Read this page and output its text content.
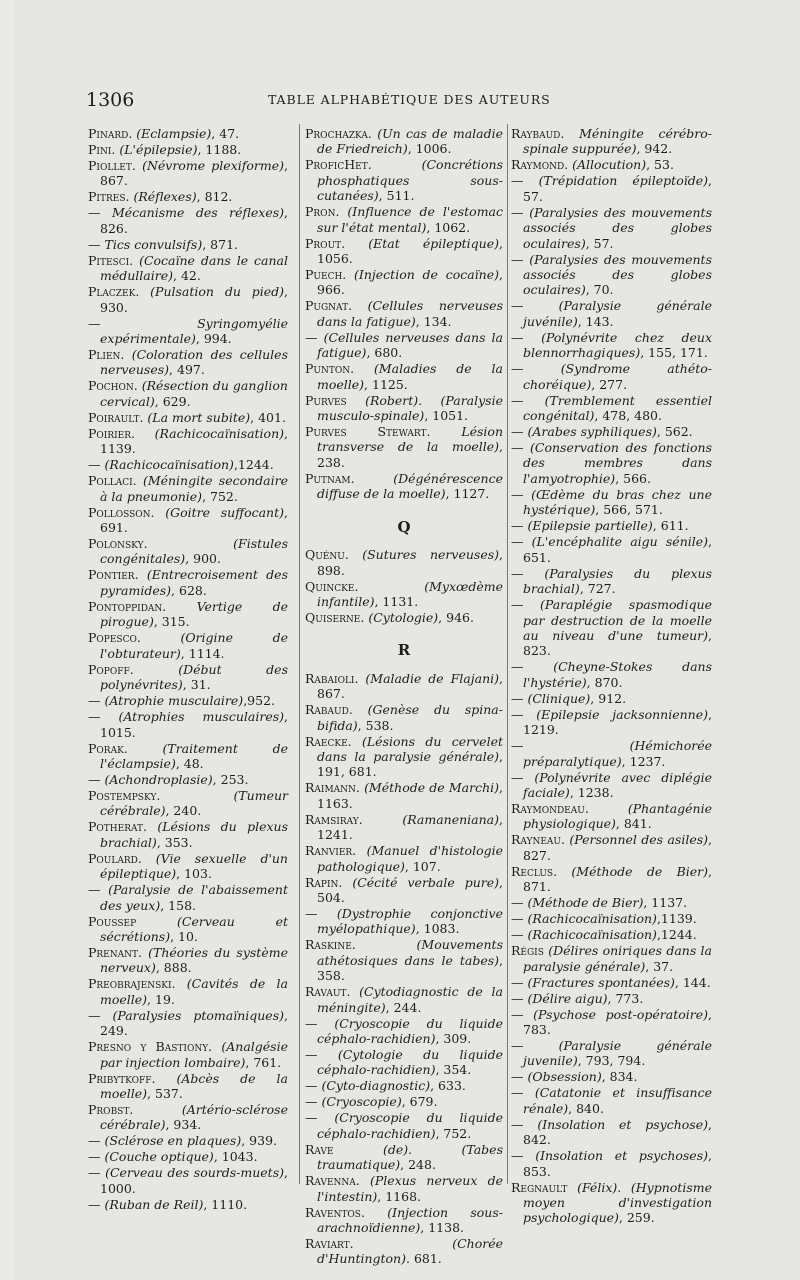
1306	TABLE ALPHABÉTIQUE DES AUTEURS
Pinard. (Eclampsie), 47.
Pini. (L'épilepsie), 1188.
Piollet. (Névrome plexiforme), 867.
Pitres. (Réflexes), 812.
— Mécanisme des réflexes), 826.
— Tics convulsifs), 871.
Pitesci. (Cocaïne dans le canal médullaire), 42.
Placzek. (Pulsation du pied), 930.
—	Syringomyélie expérimentale), 994.
Plien. (Coloration des cellules nerveuses), 497.
Pochon. (Résection du ganglion cervical), 629.
Poirault. (La mort subite), 401.
Poirier. (Rachicocaïnisation), 1139.
— (Rachicocaïnisation),1244.
Pollaci. (Méningite secondaire à la pneumonie), 752.
Pollosson. (Goitre suffocant), 691.
Polonsky.	(Fistules congénitales), 900.
Pontier. (Entrecroisement des pyramides), 628.
Pontoppidan. Vertige de pirogue), 315.
Popesco.	(Origine de l'obturateur), 1114.
Popoff.	(Début des polynévrites), 31.
— (Atrophie musculaire),952.
— (Atrophies musculaires), 1015.
Porak.	(Traitement de l'éclampsie), 48.
— (Achondroplasie), 253.
Postempsky.	(Tumeur cérébrale), 240.
Potherat. (Lésions du plexus brachial), 353.
Poulard. (Vie sexuelle d'un épileptique), 103.
— (Paralysie de l'abaissement des yeux), 158.
Poussep	(Cerveau et sécrétions), 10.
Prenant. (Théories du système nerveux), 888.
Preobrajenski. (Cavités de la moelle), 19.
— (Paralysies ptomaïniques), 249.
Presno y Bastiony. (Analgésie par injection lombaire), 761.
Pribytkoff. (Abcès de la moelle), 537.
Probst.	(Artério-sclérose cérébrale), 934.
— (Sclérose en plaques), 939.
— (Couche optique), 1043.
— (Cerveau des sourds-muets), 1000.
— (Ruban de Reil), 1110.
Prochazka. (Un cas de maladie de Friedreich), 1006.
ProficHet.	(Concrétions phosphatiques sous-cutanées), 511.
Pron. (Influence de l'estomac sur l'état mental), 1062.
Prout. (Etat épileptique), 1056.
Puech. (Injection de cocaïne), 966.
Pugnat. (Cellules nerveuses dans la fatigue), 134.
— (Cellules nerveuses dans la fatigue), 680.
Punton. (Maladies de la moelle), 1125.
Purves (Robert). (Paralysie musculo-spinale), 1051.
Purves Stewart. Lésion transverse de la moelle), 238.
Putnam.	(Dégénérescence diffuse de la moelle), 1127.
Q
Quénu. (Sutures nerveuses), 898.
Quincke.	(Myxœdème infantile), 1131.
Quiserne. (Cytologie), 946.
R
Rabaioli. (Maladie de Flajani), 867.
Rabaud. (Genèse du spina-bifida), 538.
Raecke. (Lésions du cervelet dans la paralysie générale), 191, 681.
Raimann. (Méthode de Marchi), 1163.
Ramsiray.	(Ramaneniana), 1241.
Ranvier. (Manuel d'histologie pathologique), 107.
Rapin. (Cécité verbale pure), 504.
— (Dystrophie conjonctive myélopathique), 1083.
Raskine.	(Mouvements athétosiques dans le tabes), 358.
Ravaut. (Cytodiagnostic de la méningite), 244.
— (Cryoscopie du liquide céphalo-rachidien), 309.
— (Cytologie du liquide céphalo-rachidien), 354.
— (Cyto-diagnostic), 633.
— (Cryoscopie), 679.
— (Cryoscopie du liquide céphalo-rachidien), 752.
Rave	(de). (Tabes traumatique), 248.
Ravenna. (Plexus nerveux de l'intestin), 1168.
Raventos. (Injection sous-arachnoïdienne), 1138.
Raviart.	(Chorée d'Huntington). 681.
Raybaud. Méningite cérébro-spinale suppurée), 942.
Raymond. (Allocution), 53.
— (Trépidation épileptoïde), 57.
— (Paralysies des mouvements associés des globes oculaires), 57.
— (Paralysies des mouvements associés des globes oculaires), 70.
—	(Paralysie générale juvénile), 143.
— (Polynévrite chez deux blennorrhagiques), 155, 171.
—	(Syndrome athéto-choréique), 277.
— (Tremblement essentiel congénital), 478, 480.
— (Arabes syphiliques), 562.
— (Conservation des fonctions des membres dans l'amyotrophie), 566.
— (Œdème du bras chez une hystérique), 566, 571.
— (Epilepsie partielle), 611.
— (L'encéphalite aigu sénile), 651.
— (Paralysies du plexus brachial), 727.
— (Paraplégie spasmodique par destruction de la moelle au niveau d'une tumeur), 823.
— (Cheyne-Stokes dans l'hystérie), 870.
— (Clinique), 912.
— (Epilepsie jacksonnienne), 1219.
—	(Hémichorée préparalytique), 1237.
— (Polynévrite avec diplégie faciale), 1238.
Raymondeau.	(Phantagénie physiologique), 841.
Rayneau. (Personnel des asiles), 827.
Reclus. (Méthode de Bier), 871.
— (Méthode de Bier), 1137.
— (Rachicocaïnisation),1139.
— (Rachicocaïnisation),1244.
Régis (Délires oniriques dans la paralysie générale), 37.
— (Fractures spontanées), 144.
— (Délire aigu), 773.
— (Psychose post-opératoire), 783.
—	(Paralysie générale juvenile), 793, 794.
— (Obsession), 834.
— (Catatonie et insuffisance rénale), 840.
— (Insolation et psychose), 842.
— (Insolation et psychoses), 853.
Regnault (Félix). (Hypnotisme moyen d'investigation psychologique), 259.
